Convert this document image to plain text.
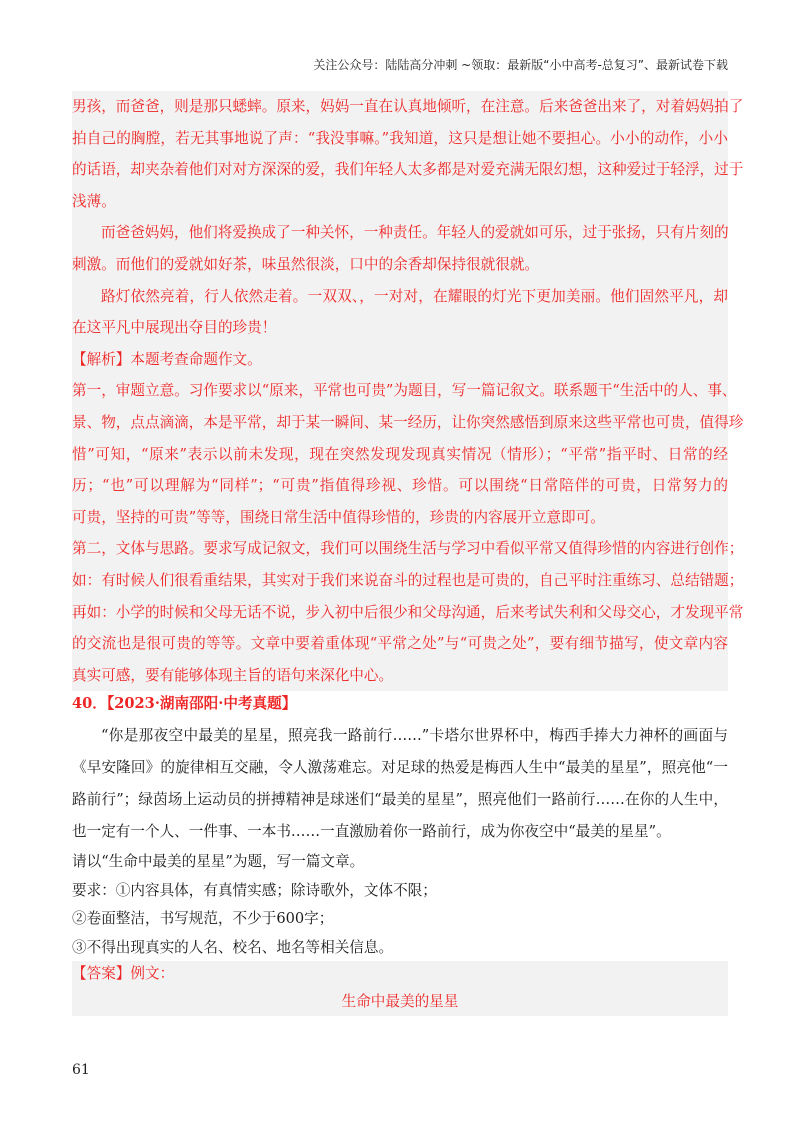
关注公众号：陆陆高分冲刺 ~领取：最新版“小中高考-总复习”、最新试卷下载
男孩，而爸爸，则是那只蟋蟀。原来，妈妈一直在认真地倾听，在注意。后来爸爸出来了，对着妈妈拍了
拍自己的胸膛，若无其事地说了声：“我没事嘛。”我知道，这只是想让她不要担心。小小的动作，小小
的话语，却夹杂着他们对对方深深的爱，我们年轻人太多都是对爱充满无限幻想，这种爱过于轻浮，过于
浅薄。
而爸爸妈妈，他们将爱换成了一种关怀，一种责任。年轻人的爱就如可乐，过于张扬，只有片刻的
刺激。而他们的爱就如好茶，味虽然很淡，口中的余香却保持很就很就。
路灯依然亮着，行人依然走着。一双双、，一对对，在耀眼的灯光下更加美丽。他们固然平凡，却
在这平凡中展现出夺目的珍贵！
【解析】本题考查命题作文。
第一，审题立意。习作要求以“原来，平常也可贵”为题目，写一篇记叙文。联系题干“生活中的人、事、
景、物，点点滴滴，本是平常，却于某一瞬间、某一经历，让你突然感悟到原来这些平常也可贵，值得珍
惜”可知，“原来”表示以前未发现，现在突然发现发现真实情况（情形）；“平常”指平时、日常的经
历；“也”可以理解为“同样”；“可贵”指值得珍视、珍惜。可以围绕“日常陪伴的可贵，日常努力的
可贵，坚持的可贵”等等，围绕日常生活中值得珍惜的，珍贵的内容展开立意即可。
第二，文体与思路。要求写成记叙文，我们可以围绕生活与学习中看似平常又值得珍惜的内容进行创作；
如：有时候人们很看重结果，其实对于我们来说奋斗的过程也是可贵的，自己平时注重练习、总结错题；
再如：小学的时候和父母无话不说，步入初中后很少和父母沟通，后来考试失利和父母交心，才发现平常
的交流也是很可贵的等等。文章中要着重体现“平常之处”与“可贵之处”，要有细节描写，使文章内容
真实可感，要有能够体现主旨的语句来深化中心。
40．【2023·湖南邵阳·中考真题】
“你是那夜空中最美的星星，照亮我一路前行……”卡塔尔世界杯中，梅西手捧大力神杯的画面与
《早安隆回》的旋律相互交融，令人激荡难忘。对足球的热爱是梅西人生中“最美的星星”，照亮他“一
路前行”；绿茵场上运动员的拼搏精神是球迷们“最美的星星”，照亮他们一路前行……在你的人生中，
也一定有一个人、一件事、一本书……一直激励着你一路前行，成为你夜空中“最美的星星”。
请以“生命中最美的星星”为题，写一篇文章。
要求：①内容具体，有真情实感；除诗歌外，文体不限；
②卷面整洁，书写规范，不少于600字；
③不得出现真实的人名、校名、地名等相关信息。
【答案】例文：
生命中最美的星星
61
